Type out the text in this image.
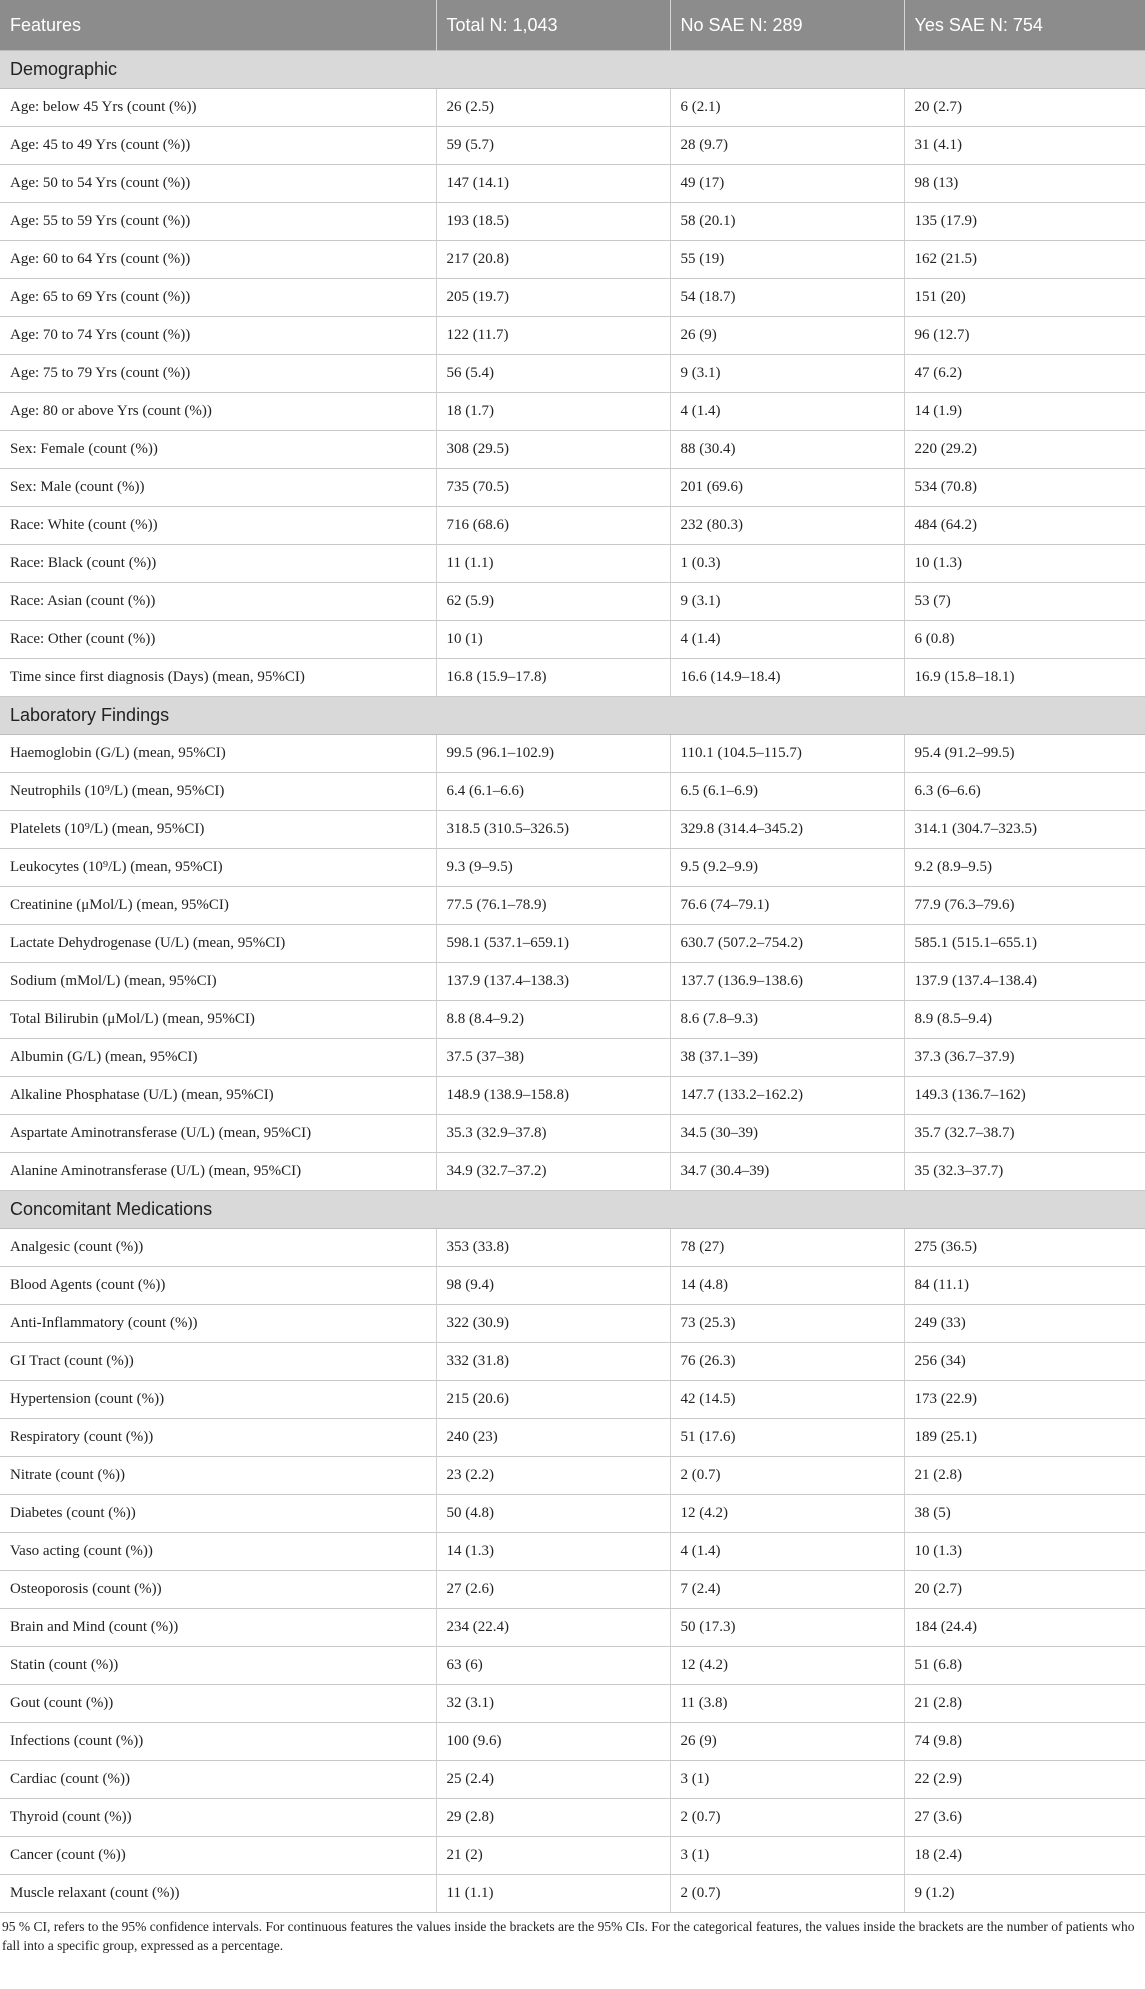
Features	Total N: 1,043	No SAE N: 289	Yes SAE N: 754
Demographic			
Age: below 45 Yrs (count (%))	26 (2.5)	6 (2.1)	20 (2.7)
Age: 45 to 49 Yrs (count (%))	59 (5.7)	28 (9.7)	31 (4.1)
Age: 50 to 54 Yrs (count (%))	147 (14.1)	49 (17)	98 (13)
Age: 55 to 59 Yrs (count (%))	193 (18.5)	58 (20.1)	135 (17.9)
Age: 60 to 64 Yrs (count (%))	217 (20.8)	55 (19)	162 (21.5)
Age: 65 to 69 Yrs (count (%))	205 (19.7)	54 (18.7)	151 (20)
Age: 70 to 74 Yrs (count (%))	122 (11.7)	26 (9)	96 (12.7)
Age: 75 to 79 Yrs (count (%))	56 (5.4)	9 (3.1)	47 (6.2)
Age: 80 or above Yrs (count (%))	18 (1.7)	4 (1.4)	14 (1.9)
Sex: Female (count (%))	308 (29.5)	88 (30.4)	220 (29.2)
Sex: Male (count (%))	735 (70.5)	201 (69.6)	534 (70.8)
Race: White (count (%))	716 (68.6)	232 (80.3)	484 (64.2)
Race: Black (count (%))	11 (1.1)	1 (0.3)	10 (1.3)
Race: Asian (count (%))	62 (5.9)	9 (3.1)	53 (7)
Race: Other (count (%))	10 (1)	4 (1.4)	6 (0.8)
Time since first diagnosis (Days) (mean, 95%CI)	16.8 (15.9–17.8)	16.6 (14.9–18.4)	16.9 (15.8–18.1)
Laboratory Findings			
Haemoglobin (G/L) (mean, 95%CI)	99.5 (96.1–102.9)	110.1 (104.5–115.7)	95.4 (91.2–99.5)
Neutrophils (10⁹/L) (mean, 95%CI)	6.4 (6.1–6.6)	6.5 (6.1–6.9)	6.3 (6–6.6)
Platelets (10⁹/L) (mean, 95%CI)	318.5 (310.5–326.5)	329.8 (314.4–345.2)	314.1 (304.7–323.5)
Leukocytes (10⁹/L) (mean, 95%CI)	9.3 (9–9.5)	9.5 (9.2–9.9)	9.2 (8.9–9.5)
Creatinine (μMol/L) (mean, 95%CI)	77.5 (76.1–78.9)	76.6 (74–79.1)	77.9 (76.3–79.6)
Lactate Dehydrogenase (U/L) (mean, 95%CI)	598.1 (537.1–659.1)	630.7 (507.2–754.2)	585.1 (515.1–655.1)
Sodium (mMol/L) (mean, 95%CI)	137.9 (137.4–138.3)	137.7 (136.9–138.6)	137.9 (137.4–138.4)
Total Bilirubin (μMol/L) (mean, 95%CI)	8.8 (8.4–9.2)	8.6 (7.8–9.3)	8.9 (8.5–9.4)
Albumin (G/L) (mean, 95%CI)	37.5 (37–38)	38 (37.1–39)	37.3 (36.7–37.9)
Alkaline Phosphatase (U/L) (mean, 95%CI)	148.9 (138.9–158.8)	147.7 (133.2–162.2)	149.3 (136.7–162)
Aspartate Aminotransferase (U/L) (mean, 95%CI)	35.3 (32.9–37.8)	34.5 (30–39)	35.7 (32.7–38.7)
Alanine Aminotransferase (U/L) (mean, 95%CI)	34.9 (32.7–37.2)	34.7 (30.4–39)	35 (32.3–37.7)
Concomitant Medications			
Analgesic (count (%))	353 (33.8)	78 (27)	275 (36.5)
Blood Agents (count (%))	98 (9.4)	14 (4.8)	84 (11.1)
Anti-Inflammatory (count (%))	322 (30.9)	73 (25.3)	249 (33)
GI Tract (count (%))	332 (31.8)	76 (26.3)	256 (34)
Hypertension (count (%))	215 (20.6)	42 (14.5)	173 (22.9)
Respiratory (count (%))	240 (23)	51 (17.6)	189 (25.1)
Nitrate (count (%))	23 (2.2)	2 (0.7)	21 (2.8)
Diabetes (count (%))	50 (4.8)	12 (4.2)	38 (5)
Vaso acting (count (%))	14 (1.3)	4 (1.4)	10 (1.3)
Osteoporosis (count (%))	27 (2.6)	7 (2.4)	20 (2.7)
Brain and Mind (count (%))	234 (22.4)	50 (17.3)	184 (24.4)
Statin (count (%))	63 (6)	12 (4.2)	51 (6.8)
Gout (count (%))	32 (3.1)	11 (3.8)	21 (2.8)
Infections (count (%))	100 (9.6)	26 (9)	74 (9.8)
Cardiac (count (%))	25 (2.4)	3 (1)	22 (2.9)
Thyroid (count (%))	29 (2.8)	2 (0.7)	27 (3.6)
Cancer (count (%))	21 (2)	3 (1)	18 (2.4)
Muscle relaxant (count (%))	11 (1.1)	2 (0.7)	9 (1.2)
95 % CI, refers to the 95% confidence intervals. For continuous features the values inside the brackets are the 95% CIs. For the categorical features, the values inside the brackets are the number of patients who fall into a specific group, expressed as a percentage.
